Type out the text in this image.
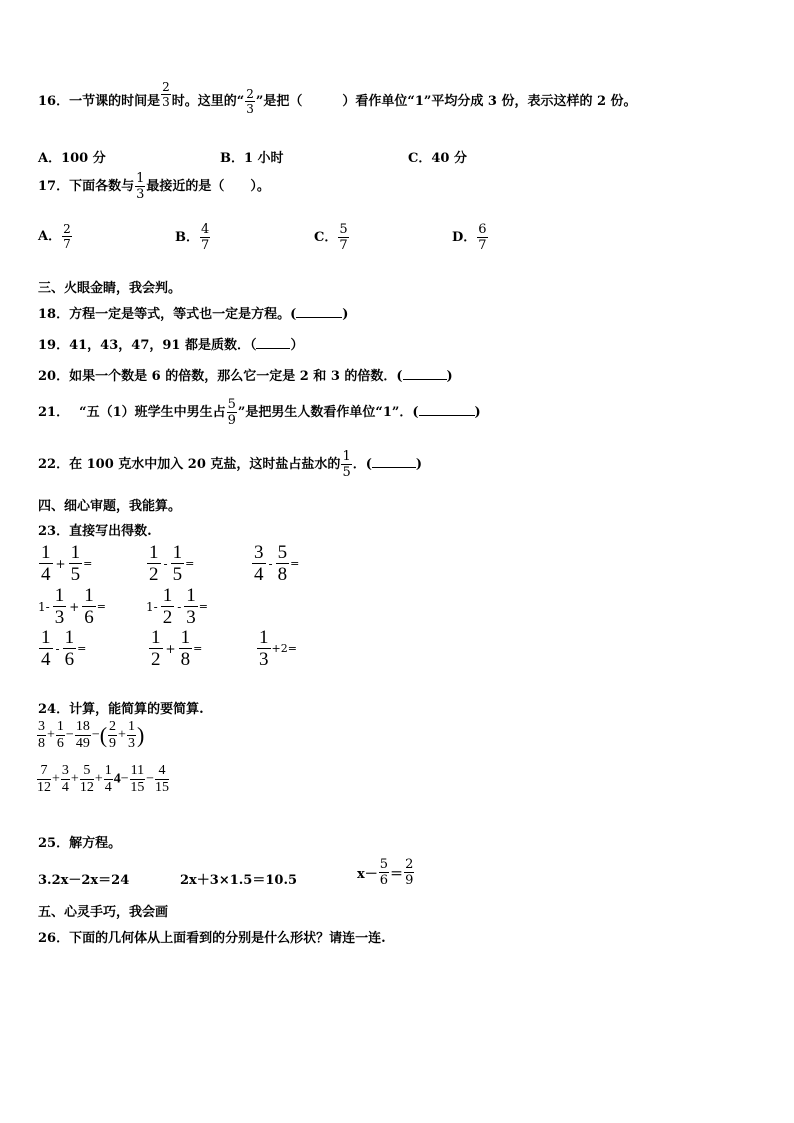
16．一节课的时间是 $\frac{2}{3}$ 时。这里的“ $\frac{2}{3}$ ”是把（	）看作单位“1”平均分成 3 份，表示这样的 2 份。
A．100 分	B．1 小时	C．40 分
17．下面各数与 $\frac{1}{3}$ 最接近的是（　　）。
A． $\frac{2}{7}$	B． $\frac{4}{7}$	C． $\frac{5}{7}$	D． $\frac{6}{7}$
三、火眼金睛，我会判。
18．方程一定是等式，等式也一定是方程。(	)
19．41，43，47，91 都是质数．（	）
20．如果一个数是 6 的倍数，那么它一定是 2 和 3 的倍数．(	)
21． “五（1）班学生中男生占 $\frac{5}{9}$ ”是把男生人数看作单位“1”．(	)
22．在 100 克水中加入 20 克盐，这时盐占盐水的 $\frac{1}{5}$ ．(	)
四、细心审题，我能算。
23．直接写出得数.
$\frac{1}{4} + \frac{1}{5}$ =	$\frac{1}{2} - \frac{1}{5}$ =	$\frac{3}{4} - \frac{5}{8}$ =
$1- \frac{1}{3} + \frac{1}{6}$ =	$1- \frac{1}{2} - \frac{1}{3}$ =
$\frac{1}{4} - \frac{1}{6}$ =	$\frac{1}{2} + \frac{1}{8}$ =	$\frac{1}{3} +2=$
24．计算，能简算的要简算.
$\frac{3}{8} + \frac{1}{6} - \frac{18}{49}$ −( $\frac{2}{9} + \frac{1}{3}$ )
$\frac{7}{12} + \frac{3}{4} + \frac{5}{12} + \frac{1}{4} 4- \frac{11}{15} - \frac{4}{15}$
25．解方程。
3.2x－2x＝24	2x＋3×1.5＝10.5	$x- \frac{5}{6} = \frac{2}{9}$
五、心灵手巧，我会画
26．下面的几何体从上面看到的分别是什么形状？请连一连.
